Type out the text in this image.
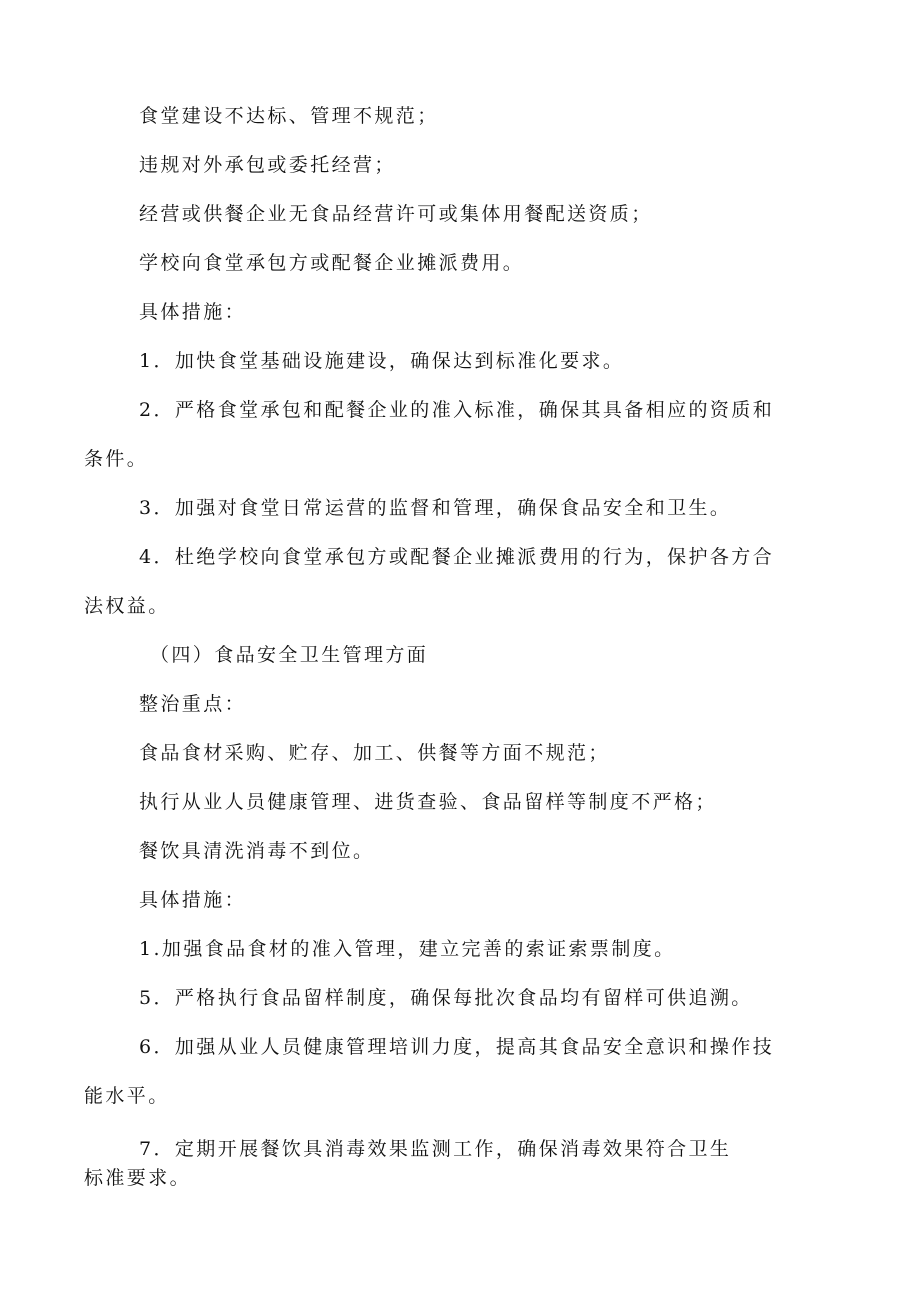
食堂建设不达标、管理不规范；
违规对外承包或委托经营；
经营或供餐企业无食品经营许可或集体用餐配送资质；
学校向食堂承包方或配餐企业摊派费用。
具体措施：
1．加快食堂基础设施建设，确保达到标准化要求。
2．严格食堂承包和配餐企业的准入标准，确保其具备相应的资质和
条件。
3．加强对食堂日常运营的监督和管理，确保食品安全和卫生。
4．杜绝学校向食堂承包方或配餐企业摊派费用的行为，保护各方合
法权益。
（四）食品安全卫生管理方面
整治重点：
食品食材采购、贮存、加工、供餐等方面不规范；
执行从业人员健康管理、进货查验、食品留样等制度不严格；
餐饮具清洗消毒不到位。
具体措施：
1.加强食品食材的准入管理，建立完善的索证索票制度。
5．严格执行食品留样制度，确保每批次食品均有留样可供追溯。
6．加强从业人员健康管理培训力度，提高其食品安全意识和操作技
能水平。
7．定期开展餐饮具消毒效果监测工作，确保消毒效果符合卫生
标准要求。
